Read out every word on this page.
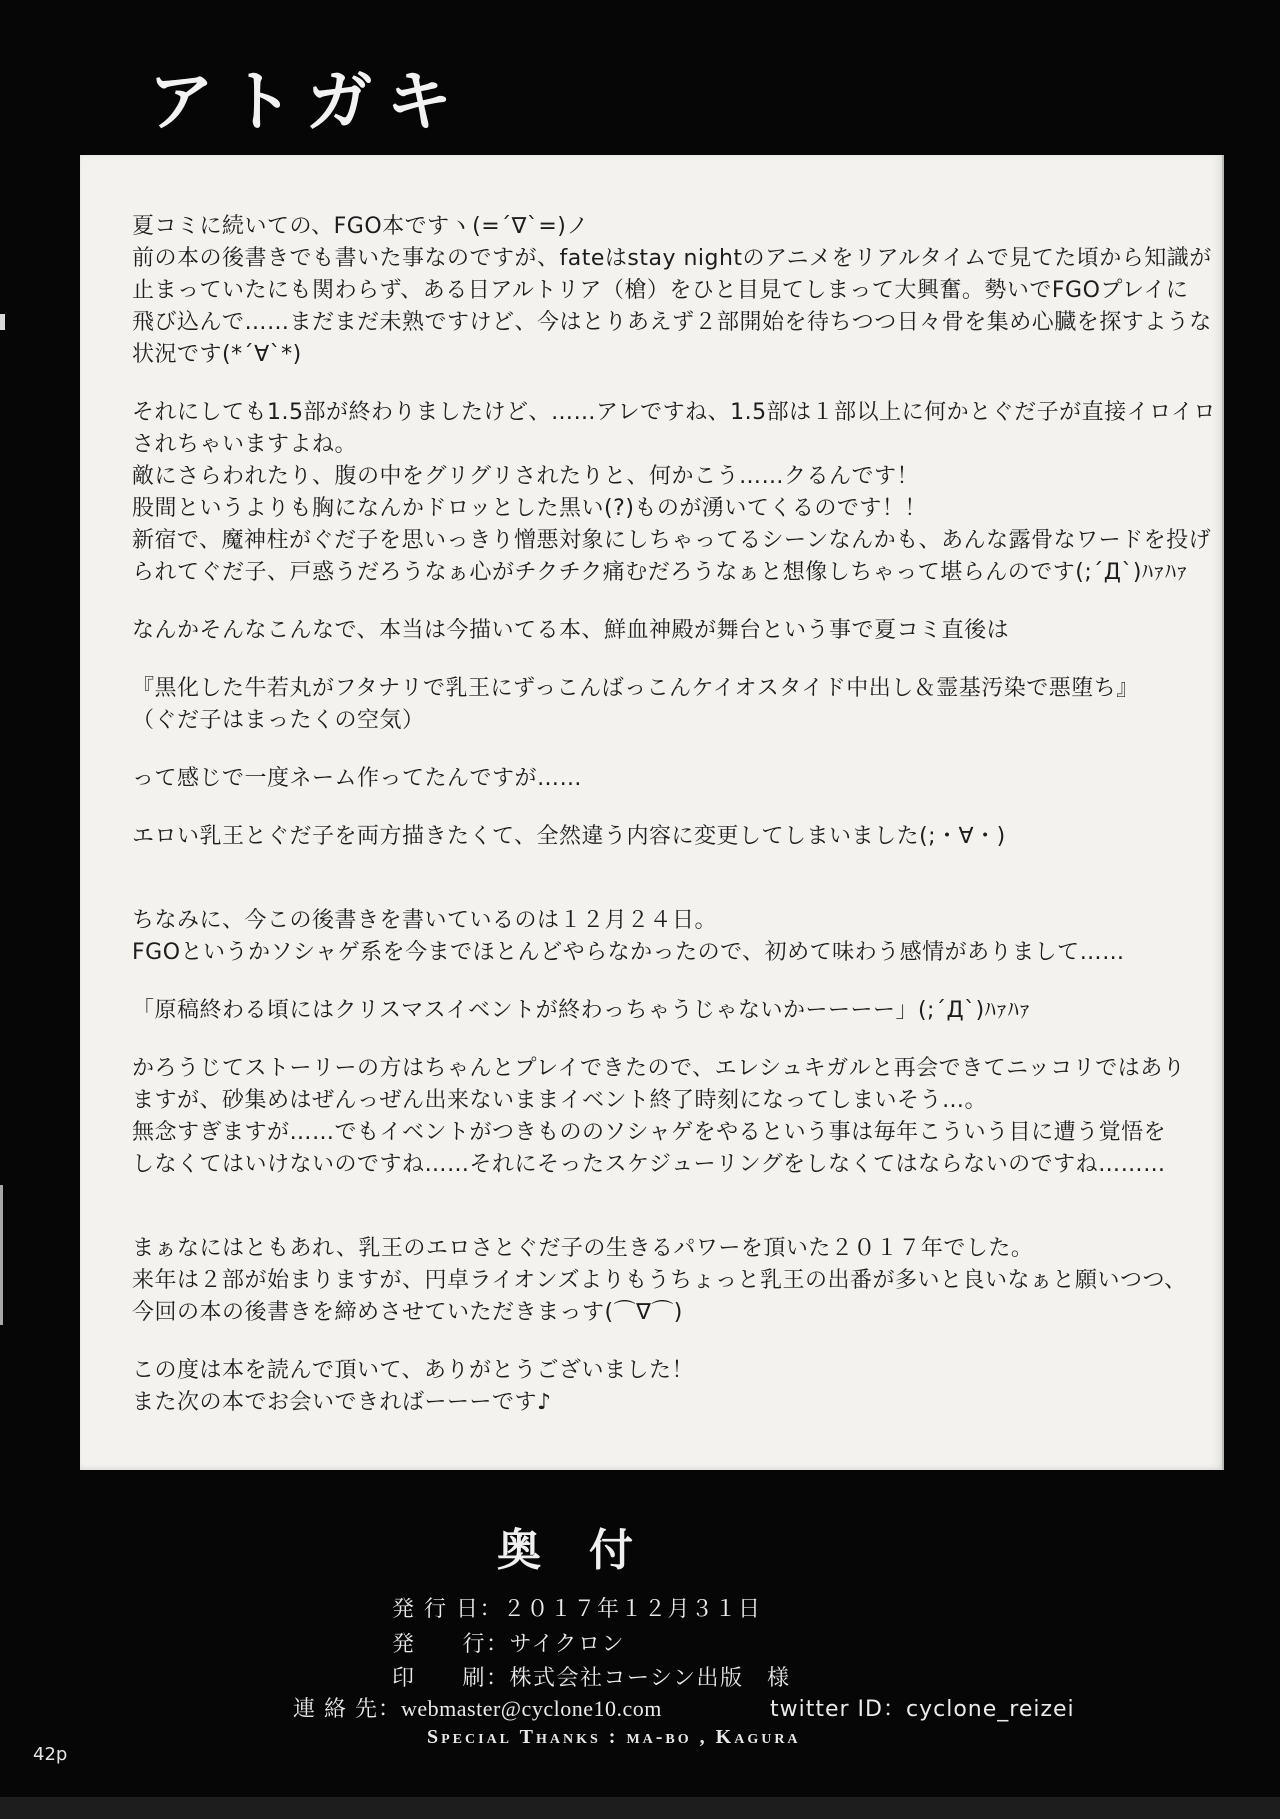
アトガキ
夏コミに続いての、FGO本ですヽ(=´∇`=)ノ
前の本の後書きでも書いた事なのですが、fateはstay nightのアニメをリアルタイムで見てた頃から知識が
止まっていたにも関わらず、ある日アルトリア（槍）をひと目見てしまって大興奮。勢いでFGOプレイに
飛び込んで……まだまだ未熟ですけど、今はとりあえず２部開始を待ちつつ日々骨を集め心臓を探すような
状況です(*´∀`*)
それにしても1.5部が終わりましたけど、……アレですね、1.5部は１部以上に何かとぐだ子が直接イロイロ
されちゃいますよね。
敵にさらわれたり、腹の中をグリグリされたりと、何かこう……クるんです！
股間というよりも胸になんかドロッとした黒い(?)ものが湧いてくるのです！！
新宿で、魔神柱がぐだ子を思いっきり憎悪対象にしちゃってるシーンなんかも、あんな露骨なワードを投げ
られてぐだ子、戸惑うだろうなぁ心がチクチク痛むだろうなぁと想像しちゃって堪らんのです(;´Д`)ﾊｧﾊｧ
なんかそんなこんなで、本当は今描いてる本、鮮血神殿が舞台という事で夏コミ直後は
『黒化した牛若丸がフタナリで乳王にずっこんばっこんケイオスタイド中出し＆霊基汚染で悪堕ち』
（ぐだ子はまったくの空気）
って感じで一度ネーム作ってたんですが……
エロい乳王とぐだ子を両方描きたくて、全然違う内容に変更してしまいました(;・∀・)
ちなみに、今この後書きを書いているのは１２月２４日。
FGOというかソシャゲ系を今までほとんどやらなかったので、初めて味わう感情がありまして……
「原稿終わる頃にはクリスマスイベントが終わっちゃうじゃないかーーーー」(;´Д`)ﾊｧﾊｧ
かろうじてストーリーの方はちゃんとプレイできたので、エレシュキガルと再会できてニッコリではあり
ますが、砂集めはぜんっぜん出来ないままイベント終了時刻になってしまいそう…。
無念すぎますが……でもイベントがつきもののソシャゲをやるという事は毎年こういう目に遭う覚悟を
しなくてはいけないのですね……それにそったスケジューリングをしなくてはならないのですね………
まぁなにはともあれ、乳王のエロさとぐだ子の生きるパワーを頂いた２０１７年でした。
来年は２部が始まりますが、円卓ライオンズよりもうちょっと乳王の出番が多いと良いなぁと願いつつ、
今回の本の後書きを締めさせていただきまっす(⌒∇⌒)
この度は本を読んで頂いて、ありがとうございました！
また次の本でお会いできればーーーです♪
奥　付
発 行 日：２０１７年１２月３１日
発　　行：サイクロン
印　　刷：株式会社コーシン出版　様
連 絡 先：webmaster@cyclone10.com	twitter ID：cyclone_reizei
Special Thanks : ma-bo , Kagura
42p
